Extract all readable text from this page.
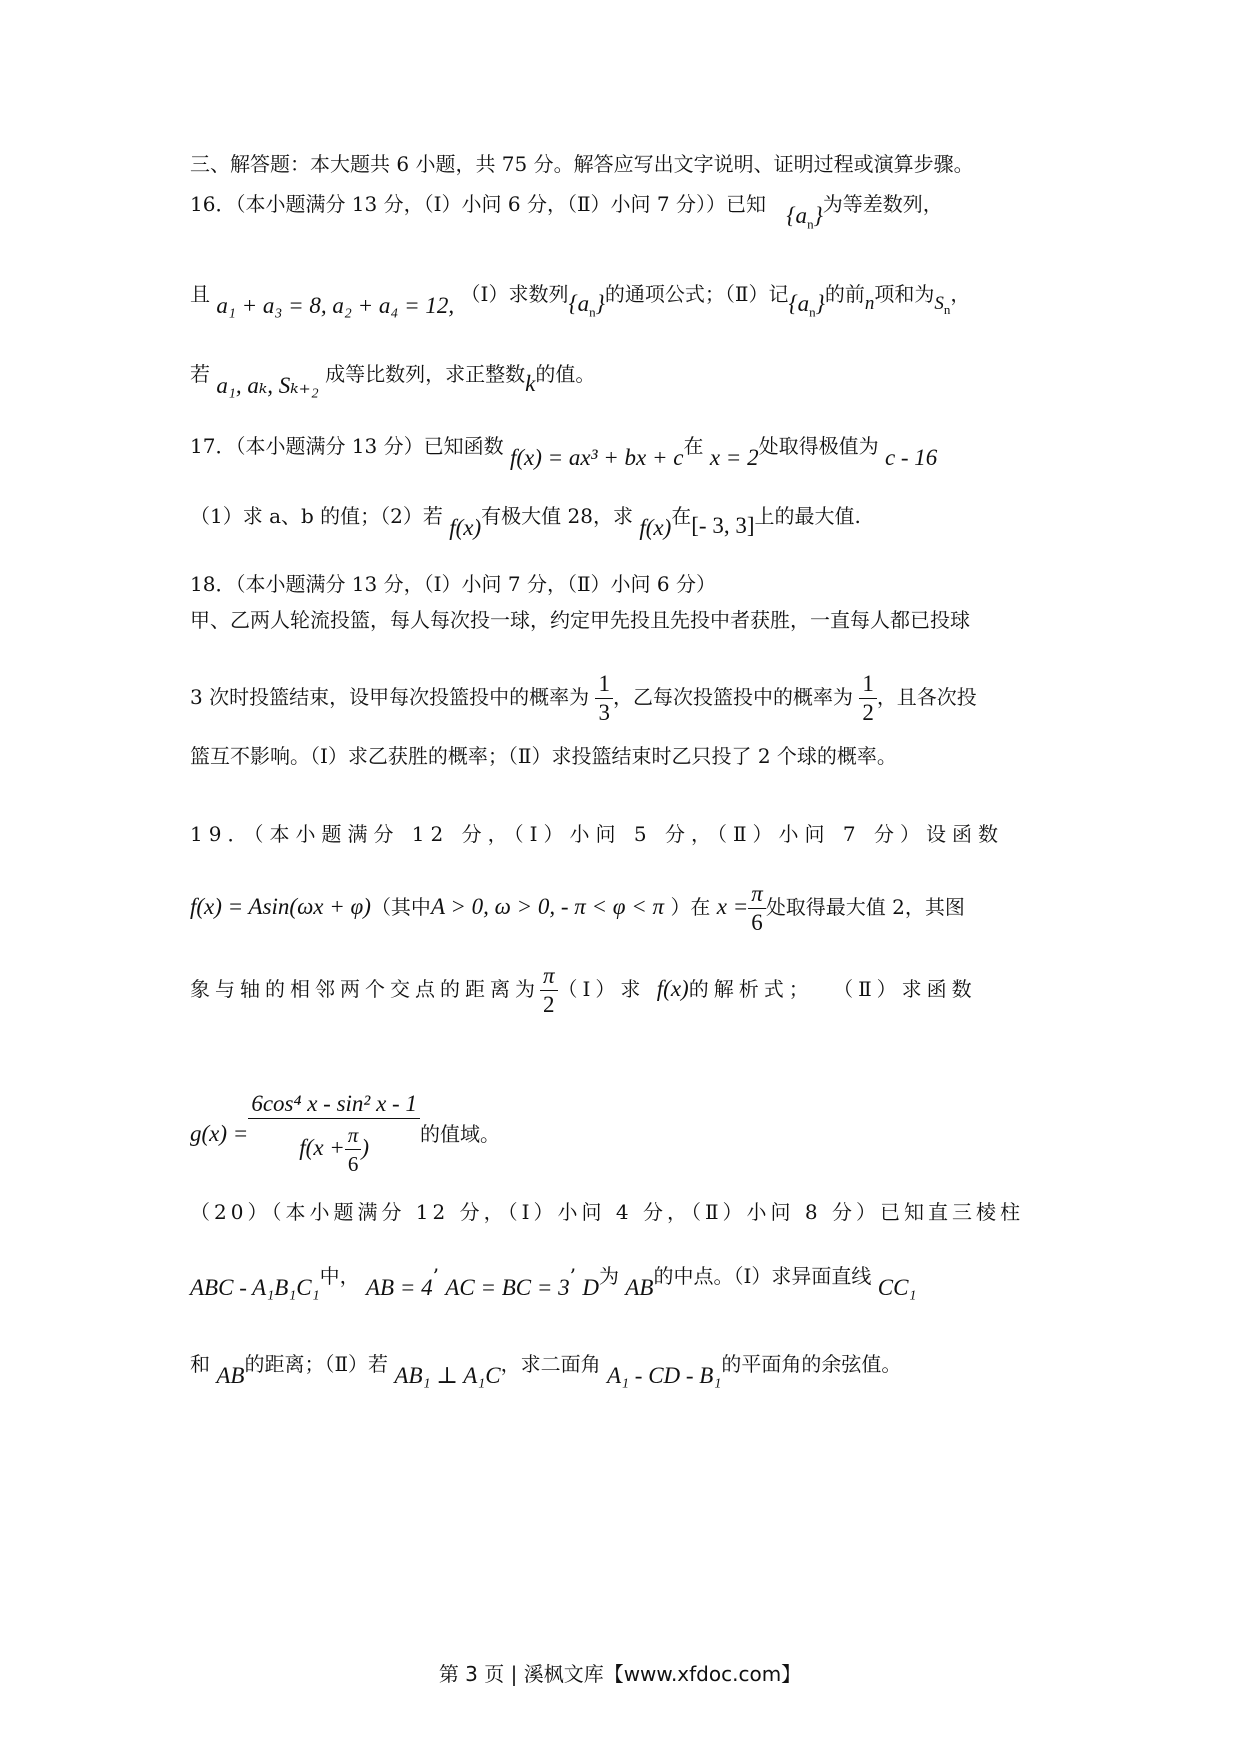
三、解答题：本大题共 6 小题，共 75 分。解答应写出文字说明、证明过程或演算步骤。
16．（本小题满分 13 分，（Ⅰ）小问 6 分，（Ⅱ）小问 7 分））已知 $\{a_n\}$为等差数列，
且 a₁ + a₃ = 8, a₂ + a₄ = 12, （Ⅰ）求数列$\{a_n\}$的通项公式；（Ⅱ）记$\{a_n\}$的前n项和为$S_n$，
若 a₁, aₖ, Sₖ₊₂ 成等比数列，求正整数k的值。
17．（本小题满分 13 分）已知函数 f(x) = ax³ + bx + c在 x = 2处取得极值为 c - 16
（1）求 a、b 的值；（2）若 f(x)有极大值 28，求 f(x)在[- 3, 3]上的最大值.
18．（本小题满分 13 分，（Ⅰ）小问 7 分，（Ⅱ）小问 6 分）
甲、乙两人轮流投篮，每人每次投一球，约定甲先投且先投中者获胜，一直每人都已投球
3 次时投篮结束，设甲每次投篮投中的概率为 $\frac{1}{3}$ ，乙每次投篮投中的概率为 $\frac{1}{2}$ ，且各次投
篮互不影响。（Ⅰ）求乙获胜的概率；（Ⅱ）求投篮结束时乙只投了 2 个球的概率。
19．（本小题满分 12 分，（Ⅰ）小问 5 分，（Ⅱ）小问 7 分）设函数
f(x) = Asin(ωx + φ)（其中A > 0, ω > 0, - π < φ < π ）在 $x = \frac{\pi}{6}$ 处取得最大值 2，其图
象与轴的相邻两个交点的距离为 $\frac{\pi}{2}$ （Ⅰ）求 f(x)的解析式； （Ⅱ）求函数
$g(x) = \frac{\text{6cos⁴ x - sin² x - 1}}{f(x + \frac{\pi}{6} )}$ 的值域。
（20）（本小题满分 12 分，（Ⅰ）小问 4 分，（Ⅱ）小问 8 分）已知直三棱柱
ABC - A₁B₁C₁中， AB = 4’ AC = BC = 3’ D为 AB的中点。（Ⅰ）求异面直线 CC₁
和 AB的距离；（Ⅱ）若 AB₁ ⊥ A₁C，求二面角 A₁ - CD - B₁的平面角的余弦值。
第 3 页 | 溪枫文库【www.xfdoc.com】
